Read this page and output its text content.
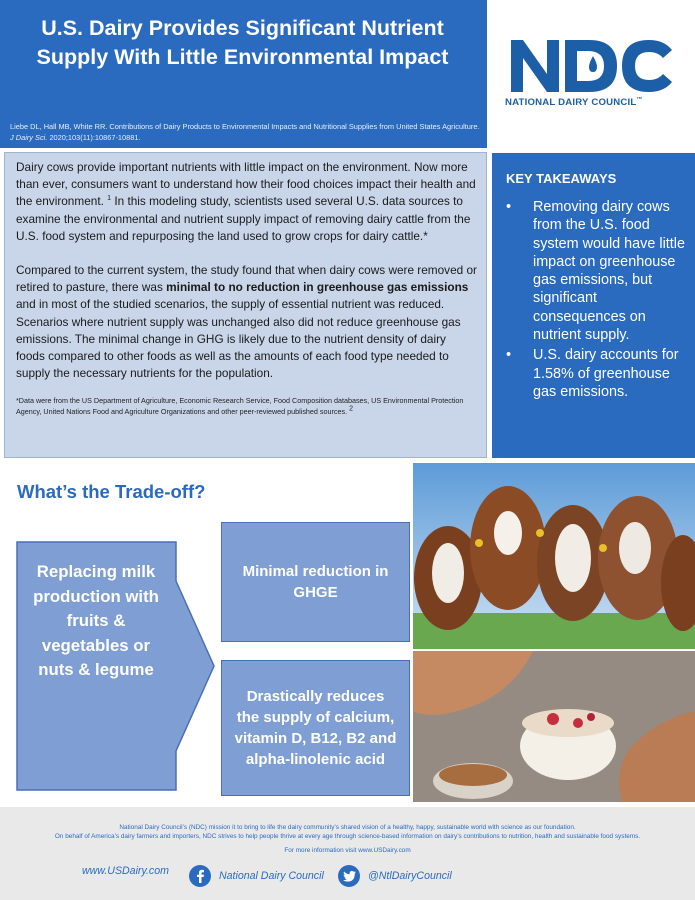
U.S. Dairy Provides Significant Nutrient Supply With Little Environmental Impact
Liebe DL, Hall MB, White RR. Contributions of Dairy Products to Environmental Impacts and Nutritional Supplies from United States Agriculture. J Dairy Sci. 2020;103(11):10867-10881.
NATIONAL DAIRY COUNCIL™

Dairy cows provide important nutrients with little impact on the environment. Now more than ever, consumers want to understand how their food choices impact their health and the environment. $^1$ In this modeling study, scientists used several U.S. data sources to examine the environmental and nutrient supply impact of removing dairy cattle from the U.S. food system and repurposing the land used to grow crops for dairy cattle.*

Compared to the current system, the study found that when dairy cows were removed or retired to pasture, there was minimal to no reduction in greenhouse gas emissions and in most of the studied scenarios, the supply of essential nutrient was reduced. Scenarios where nutrient supply was unchanged also did not reduce greenhouse gas emissions. The minimal change in GHG is likely due to the nutrient density of dairy foods compared to other foods as well as the amounts of each food type needed to supply the necessary nutrients for the population.

*Data were from the US Department of Agriculture, Economic Research Service, Food Composition databases, US Environmental Protection Agency, United Nations Food and Agriculture Organizations and other peer-reviewed published sources. 2
KEY TAKEAWAYS
• Removing dairy cows from the U.S. food system would have little impact on greenhouse gas emissions, but significant consequences on nutrient supply.
• U.S. dairy accounts for 1.58% of greenhouse gas emissions.
What’s the Trade-off?
Replacing milk production with fruits & vegetables or nuts & legume
Minimal reduction in GHGE
Drastically reduces the supply of calcium, vitamin D, B12, B2 and alpha-linolenic acid
National Dairy Council’s (NDC) mission it to bring to life the dairy community’s shared vision of a healthy, happy, sustainable world with science as our foundation.
On behalf of America’s dairy farmers and importers, NDC strives to help people thrive at every age through science-based information on dairy’s contributions to nutrition, health and sustainable food systems.
For more information visit www.USDairy.com
www.USDairy.com	National Dairy Council	@NtlDairyCouncil
